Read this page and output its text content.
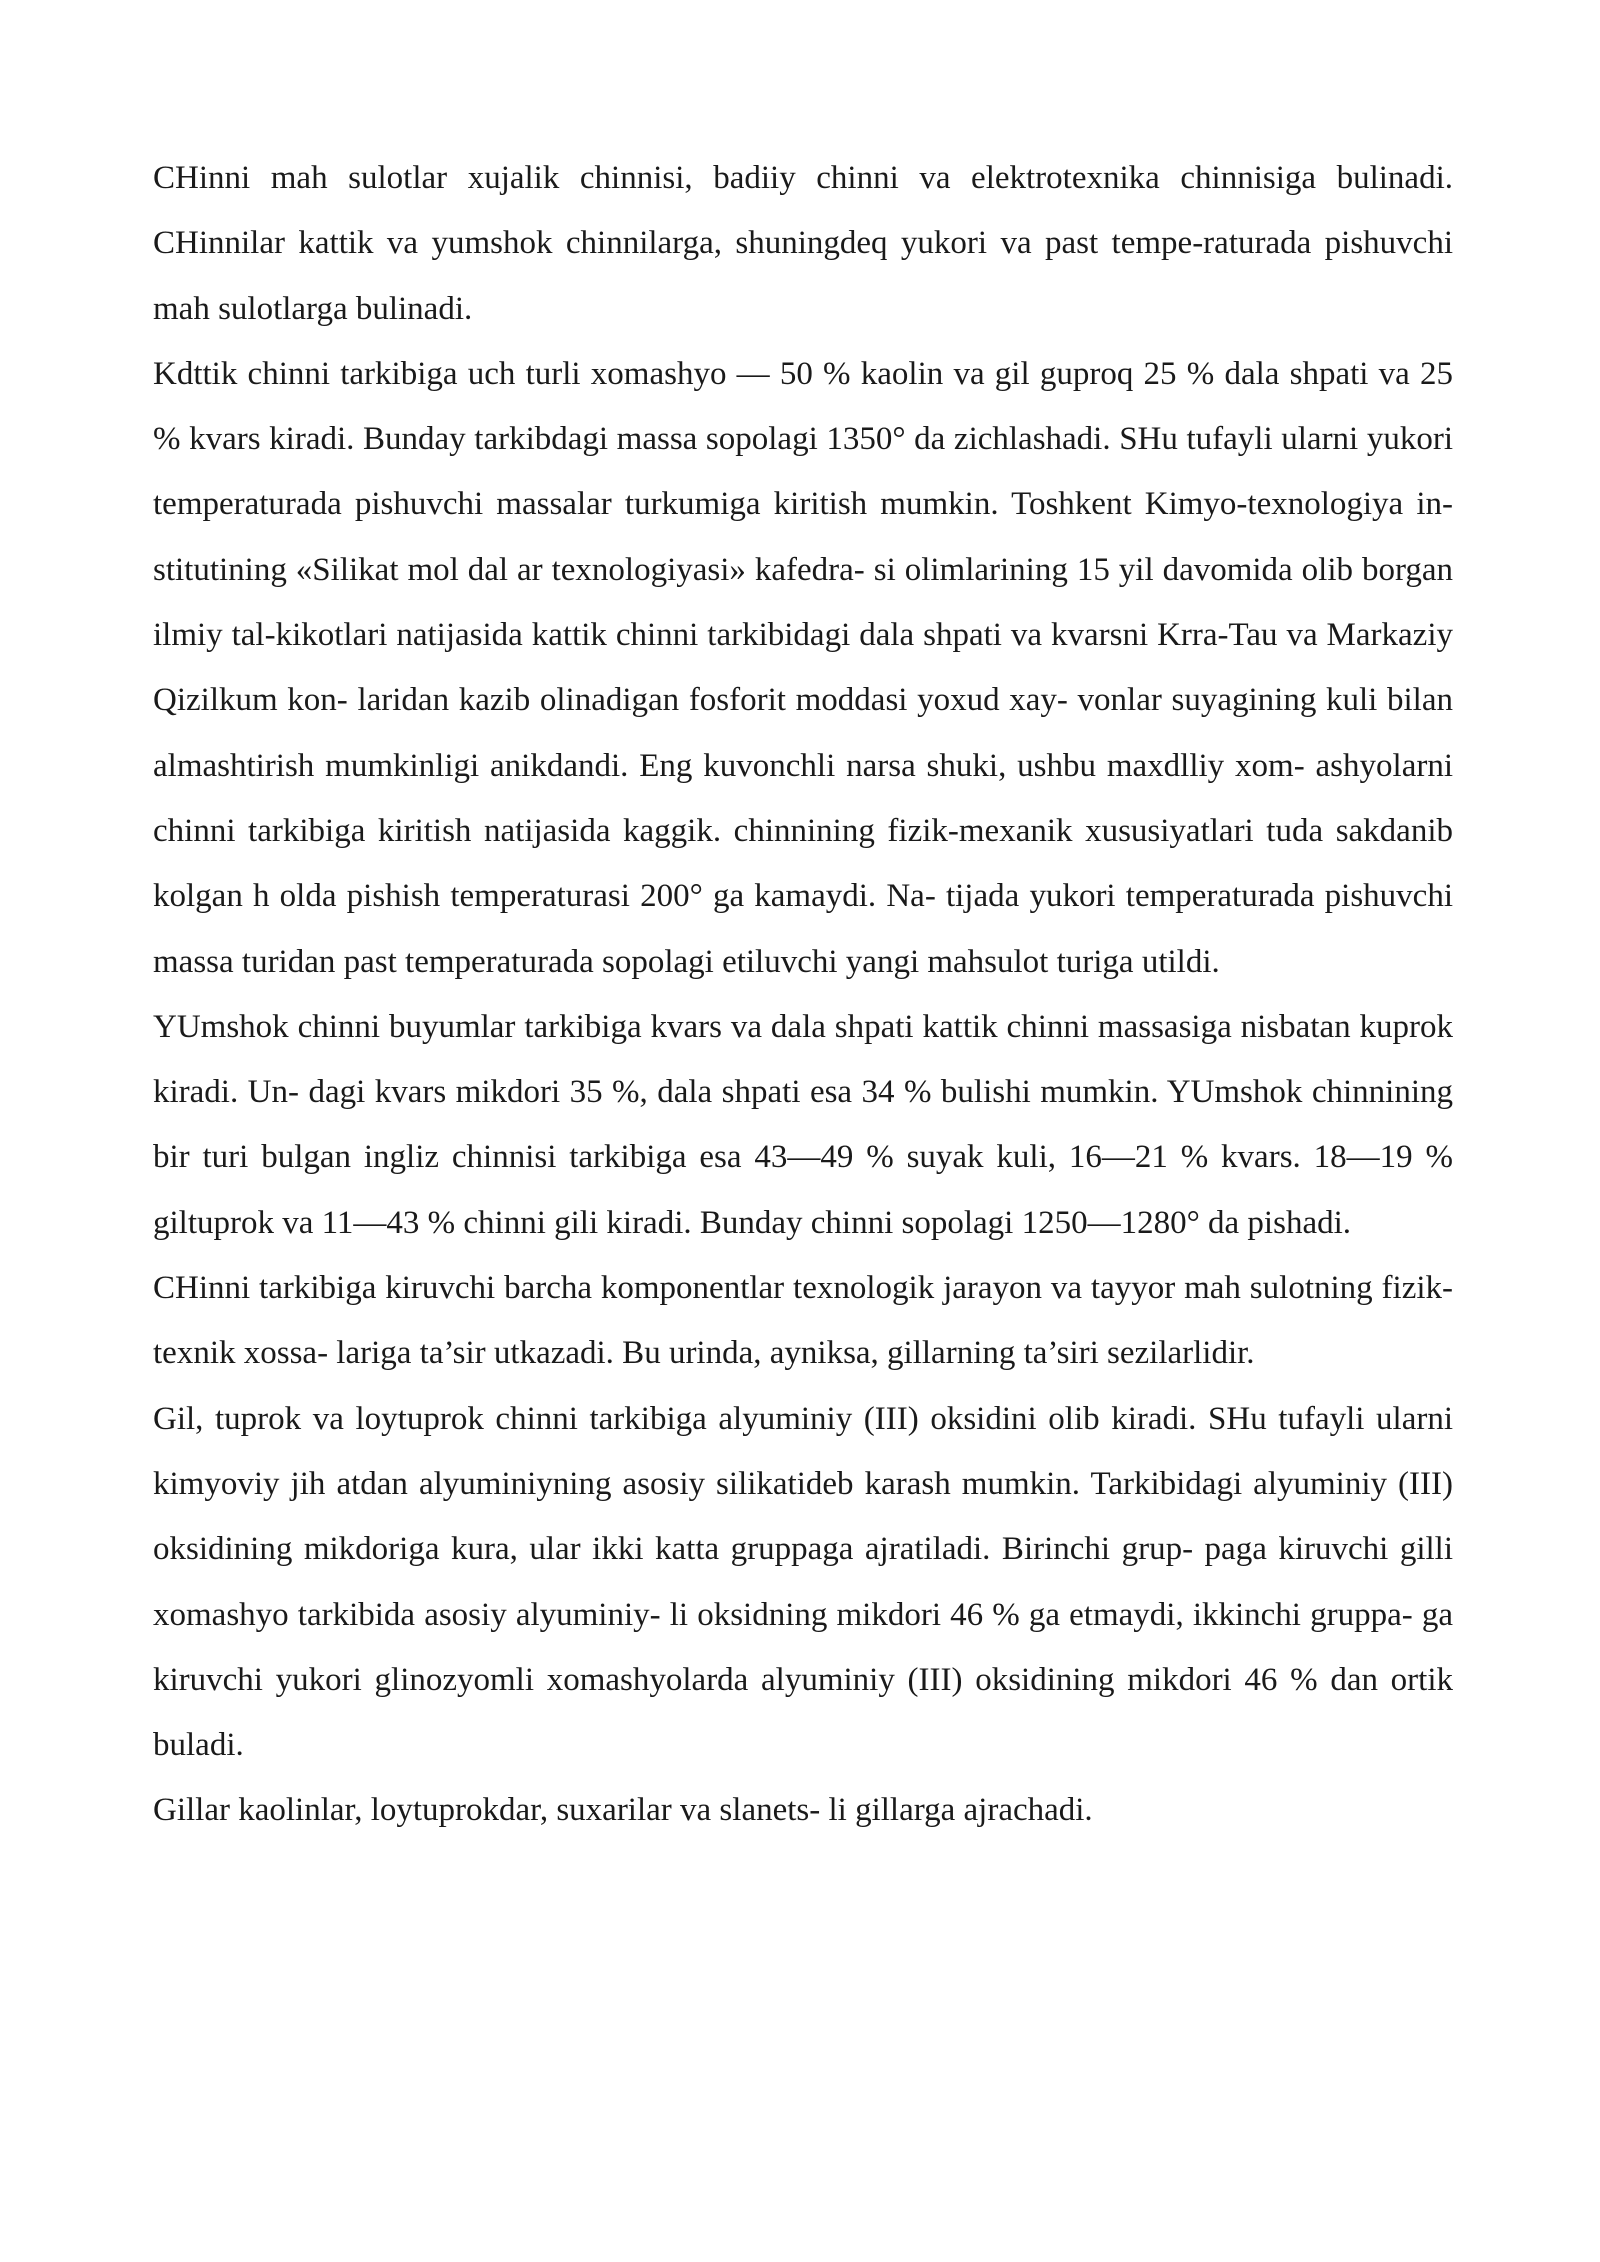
CHinni mah sulotlar xujalik chinnisi, badiiy chinni va elektrotexnika chinnisiga bulinadi. CHinnilar kattik va yumshok chinnilarga, shuningdeq yukori va past tempe-raturada pishuvchi mah sulotlarga bulinadi.

Kdttik chinni tarkibiga uch turli xomashyo — 50 % kaolin va gil guproq 25 % dala shpati va 25 % kvars kiradi. Bunday tarkibdagi massa sopolagi 1350° da zichlashadi. SHu tufayli ularni yukori temperaturada pishuvchi massalar turkumiga kiritish mumkin. Toshkent Kimyo-texnologiya in- stitutining «Silikat mol dal ar texnologiyasi» kafedra- si olimlarining 15 yil davomida olib borgan ilmiy tal-kikotlari natijasida kattik chinni tarkibidagi dala shpati va kvarsni Krra-Tau va Markaziy Qizilkum kon- laridan kazib olinadigan fosforit moddasi yoxud xay- vonlar suyagining kuli bilan almashtirish mumkinligi anikdandi. Eng kuvonchli narsa shuki, ushbu maxdlliy xom- ashyolarni chinni tarkibiga kiritish natijasida kaggik. chinnining fizik-mexanik xususiyatlari tuda sakdanib kolgan h olda pishish temperaturasi 200° ga kamaydi. Na- tijada yukori temperaturada pishuvchi massa turidan past temperaturada sopolagi etiluvchi yangi mahsulot turiga utildi.

YUmshok chinni buyumlar tarkibiga kvars va dala shpati kattik chinni massasiga nisbatan kuprok kiradi. Un- dagi kvars mikdori 35 %, dala shpati esa 34 % bulishi mumkin. YUmshok chinnining bir turi bulgan ingliz chinnisi tarkibiga esa 43—49 % suyak kuli, 16—21 % kvars. 18—19 % giltuprok va 11—43 % chinni gili kiradi. Bunday chinni sopolagi 1250—1280° da pishadi.

CHinni tarkibiga kiruvchi barcha komponentlar texnologik jarayon va tayyor mah sulotning fizik-texnik xossa- lariga ta’sir utkazadi. Bu urinda, ayniksa, gillarning ta’siri sezilarlidir.

Gil, tuprok va loytuprok chinni tarkibiga alyuminiy (III) oksidini olib kiradi. SHu tufayli ularni kimyoviy jih atdan alyuminiyning asosiy silikatideb karash mumkin. Tarkibidagi alyuminiy (III) oksidining mikdoriga kura, ular ikki katta gruppaga ajratiladi. Birinchi grup- paga kiruvchi gilli xomashyo tarkibida asosiy alyuminiy- li oksidning mikdori 46 % ga etmaydi, ikkinchi gruppa- ga kiruvchi yukori glinozyomli xomashyolarda alyuminiy (III) oksidining mikdori 46 % dan ortik buladi.

Gillar kaolinlar, loytuprokdar, suxarilar va slanets- li gillarga ajrachadi.
